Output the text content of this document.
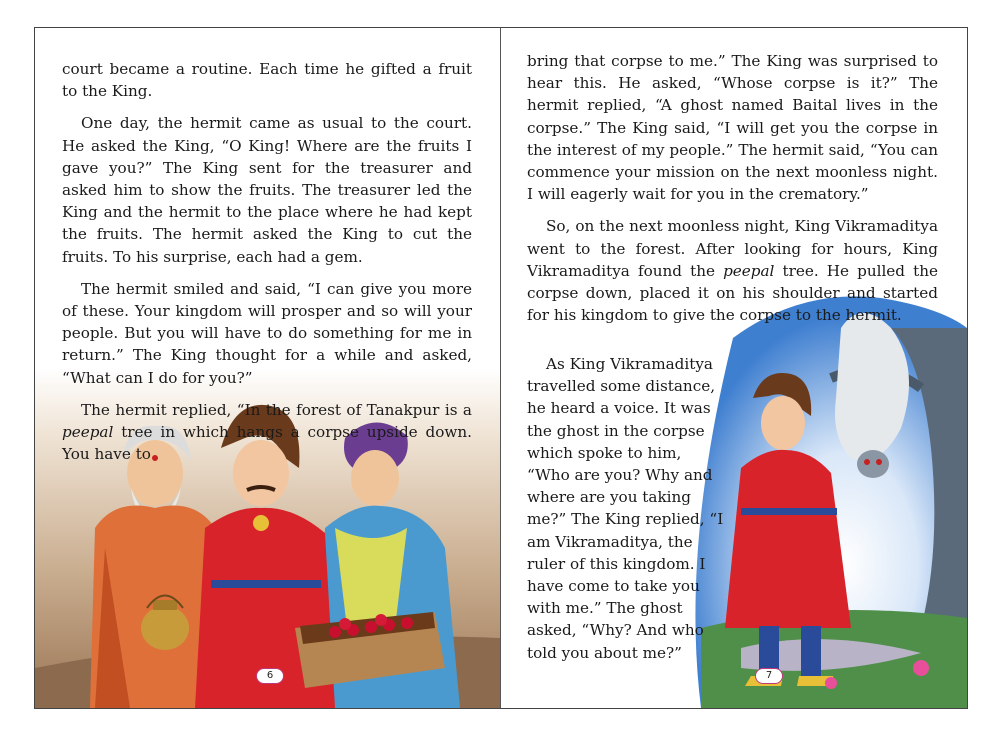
court became a routine. Each time he gifted a fruit to the King.

One day, the hermit came as usual to the court. He asked the King, “O King! Where are the fruits I gave you?” The King sent for the treasurer and asked him to show the fruits. The treasurer led the King and the hermit to the place where he had kept the fruits. The hermit asked the King to cut the fruits. To his surprise, each had a gem.

The hermit smiled and said, “I can give you more of these. Your kingdom will prosper and so will your people. But you will have to do something for me in return.” The King thought for a while and asked, “What can I do for you?”

The hermit replied, “In the forest of Tanakpur is a peepal tree in which hangs a corpse upside down. You have to

6

bring that corpse to me.” The King was surprised to hear this. He asked, “Whose corpse is it?” The hermit replied, “A ghost named Baital lives in the corpse.” The King said, “I will get you the corpse in the interest of my people.” The hermit said, “You can commence your mission on the next moonless night. I will eagerly wait for you in the crematory.”

So, on the next moonless night, King Vikramaditya went to the forest. After looking for hours, King Vikramaditya found the peepal tree. He pulled the corpse down, placed it on his shoulder and started for his kingdom to give the corpse to the hermit.

As King Vikramaditya travelled some distance, he heard a voice. It was the ghost in the corpse which spoke to him, “Who are you? Why and where are you taking me?” The King replied, “I am Vikramaditya, the ruler of this kingdom. I have come to take you with me.” The ghost asked, “Why? And who told you about me?”

7
